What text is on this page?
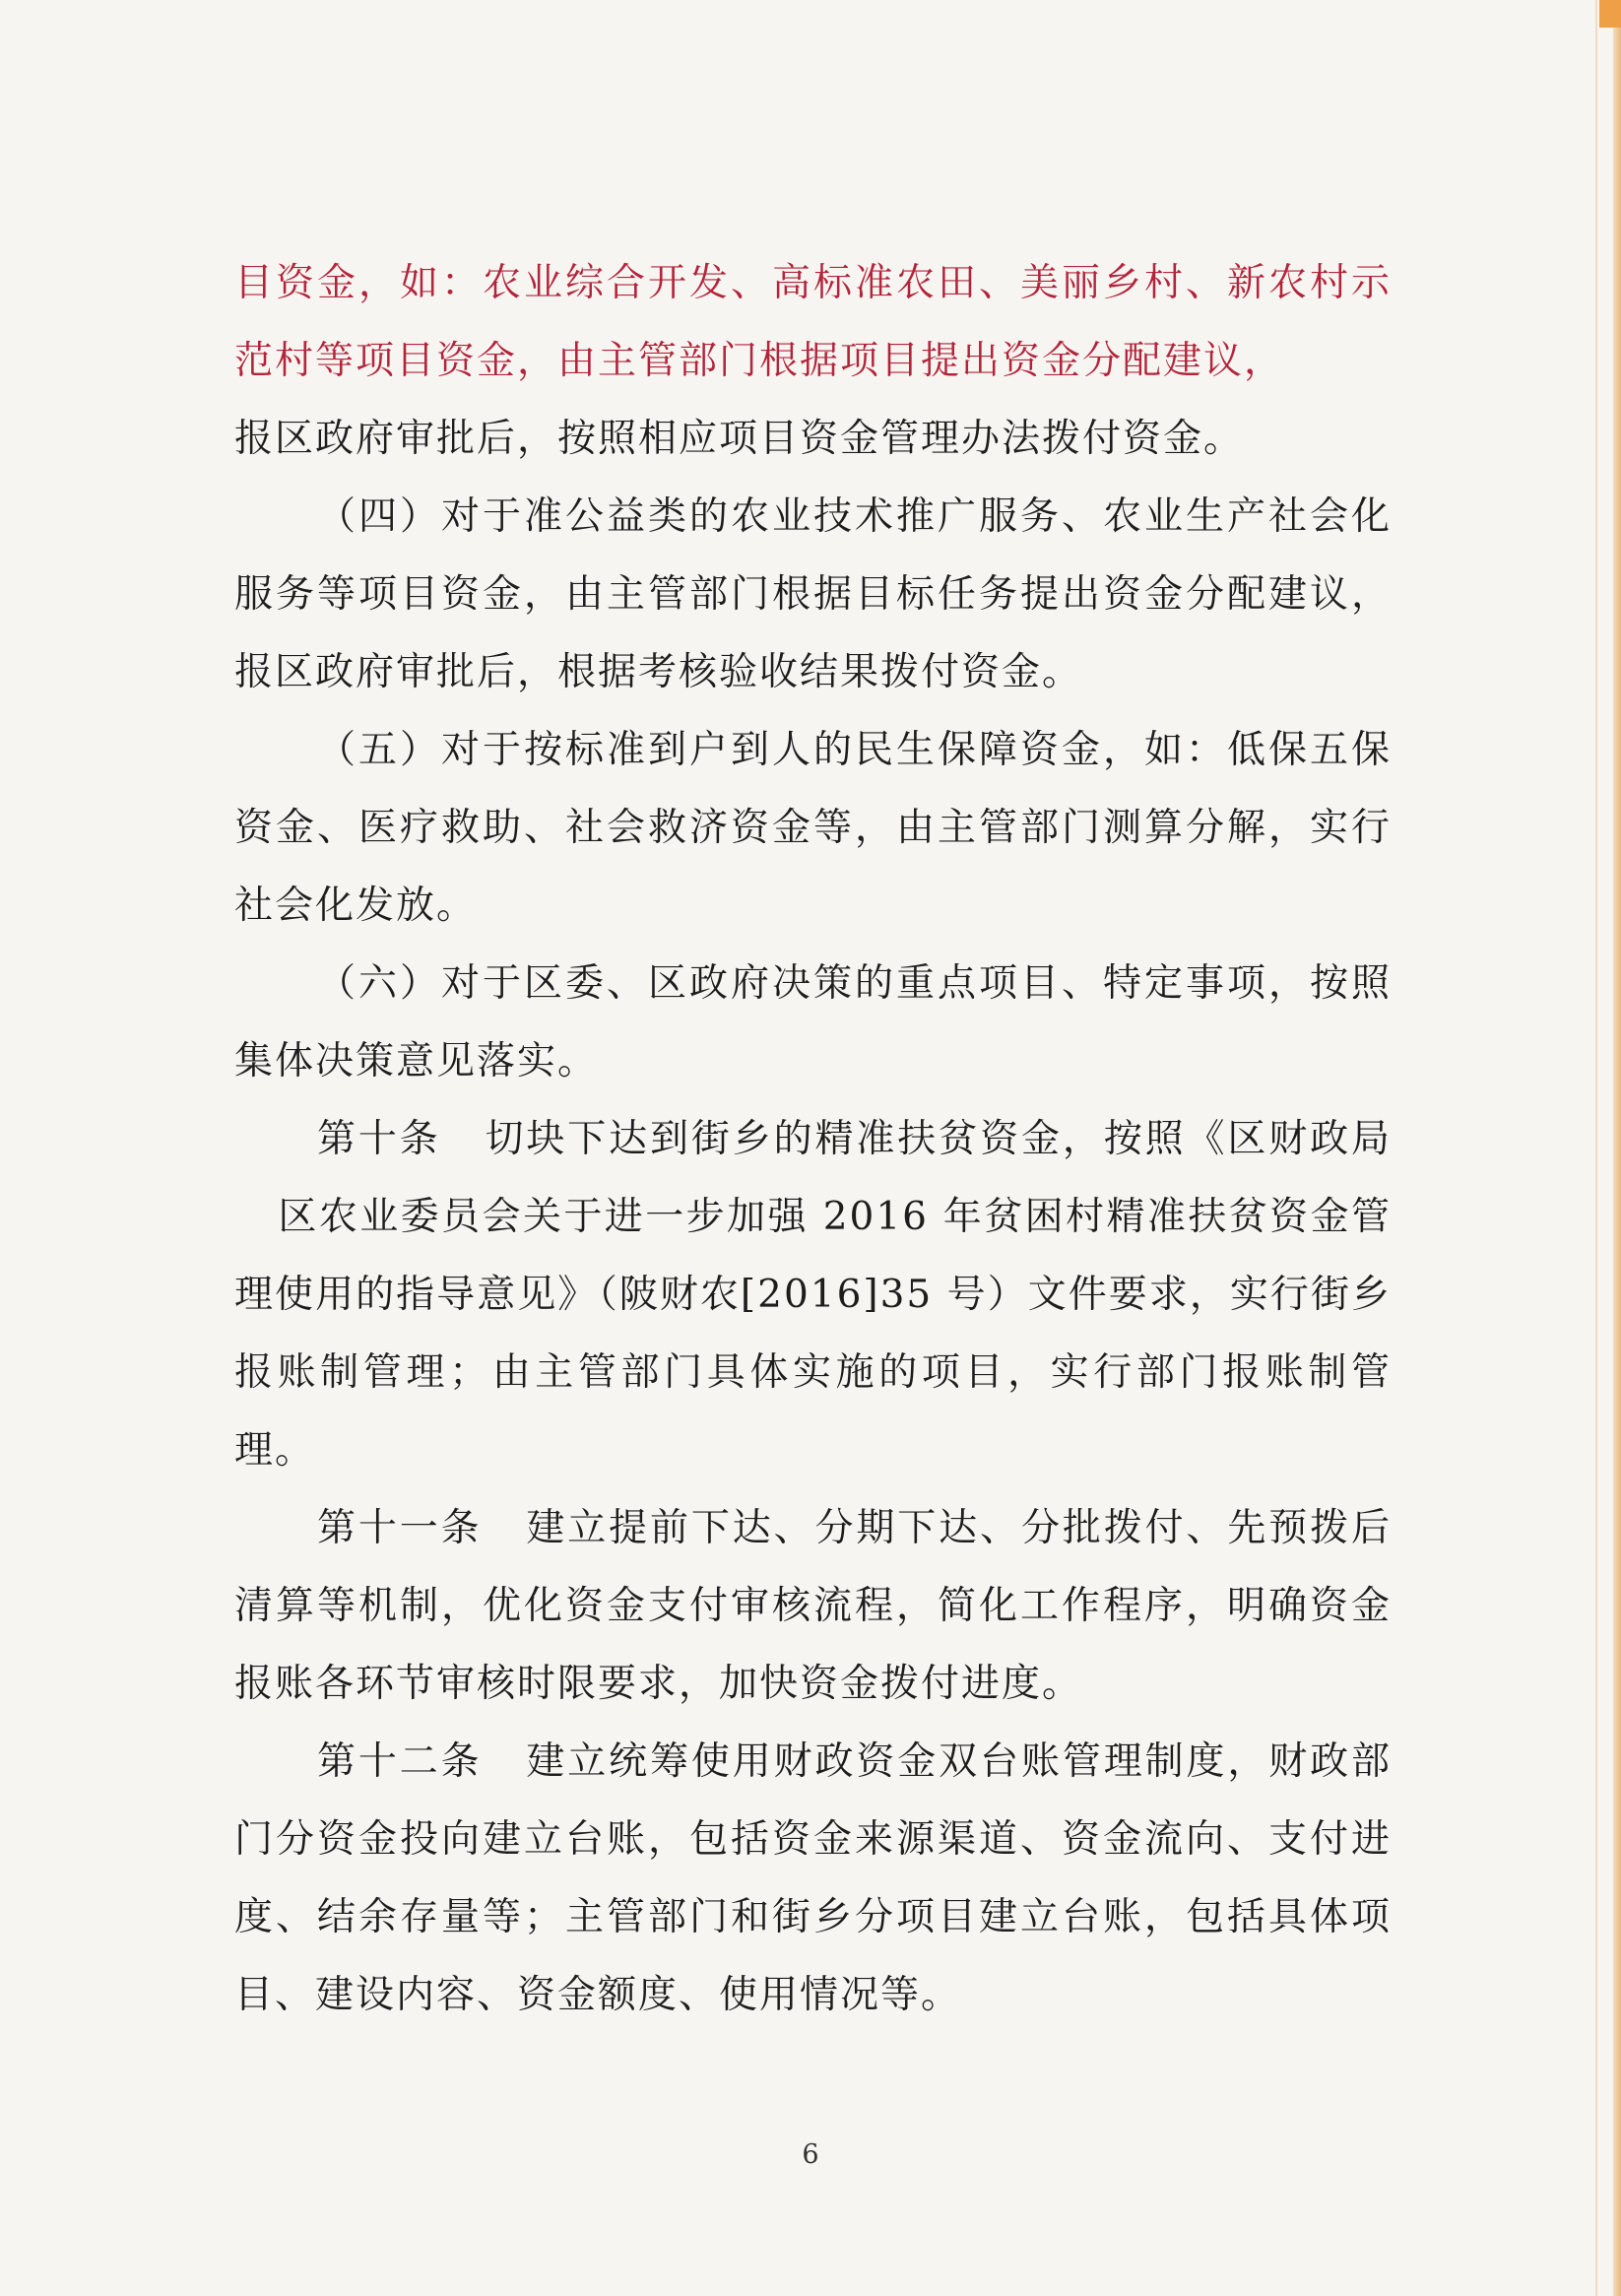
目资金，如：农业综合开发、高标准农田、美丽乡村、新农村示范村等项目资金，由主管部门根据项目提出资金分配建议，

报区政府审批后，按照相应项目资金管理办法拨付资金。

（四）对于准公益类的农业技术推广服务、农业生产社会化服务等项目资金，由主管部门根据目标任务提出资金分配建议，报区政府审批后，根据考核验收结果拨付资金。

（五）对于按标准到户到人的民生保障资金，如：低保五保资金、医疗救助、社会救济资金等，由主管部门测算分解，实行社会化发放。

（六）对于区委、区政府决策的重点项目、特定事项，按照集体决策意见落实。

第十条 切块下达到街乡的精准扶贫资金，按照《区财政局区农业委员会关于进一步加强 2016 年贫困村精准扶贫资金管理使用的指导意见》（陂财农[2016]35 号）文件要求，实行街乡报账制管理；由主管部门具体实施的项目，实行部门报账制管理。

第十一条 建立提前下达、分期下达、分批拨付、先预拨后清算等机制，优化资金支付审核流程，简化工作程序，明确资金报账各环节审核时限要求，加快资金拨付进度。

第十二条 建立统筹使用财政资金双台账管理制度，财政部门分资金投向建立台账，包括资金来源渠道、资金流向、支付进度、结余存量等；主管部门和街乡分项目建立台账，包括具体项目、建设内容、资金额度、使用情况等。

6
